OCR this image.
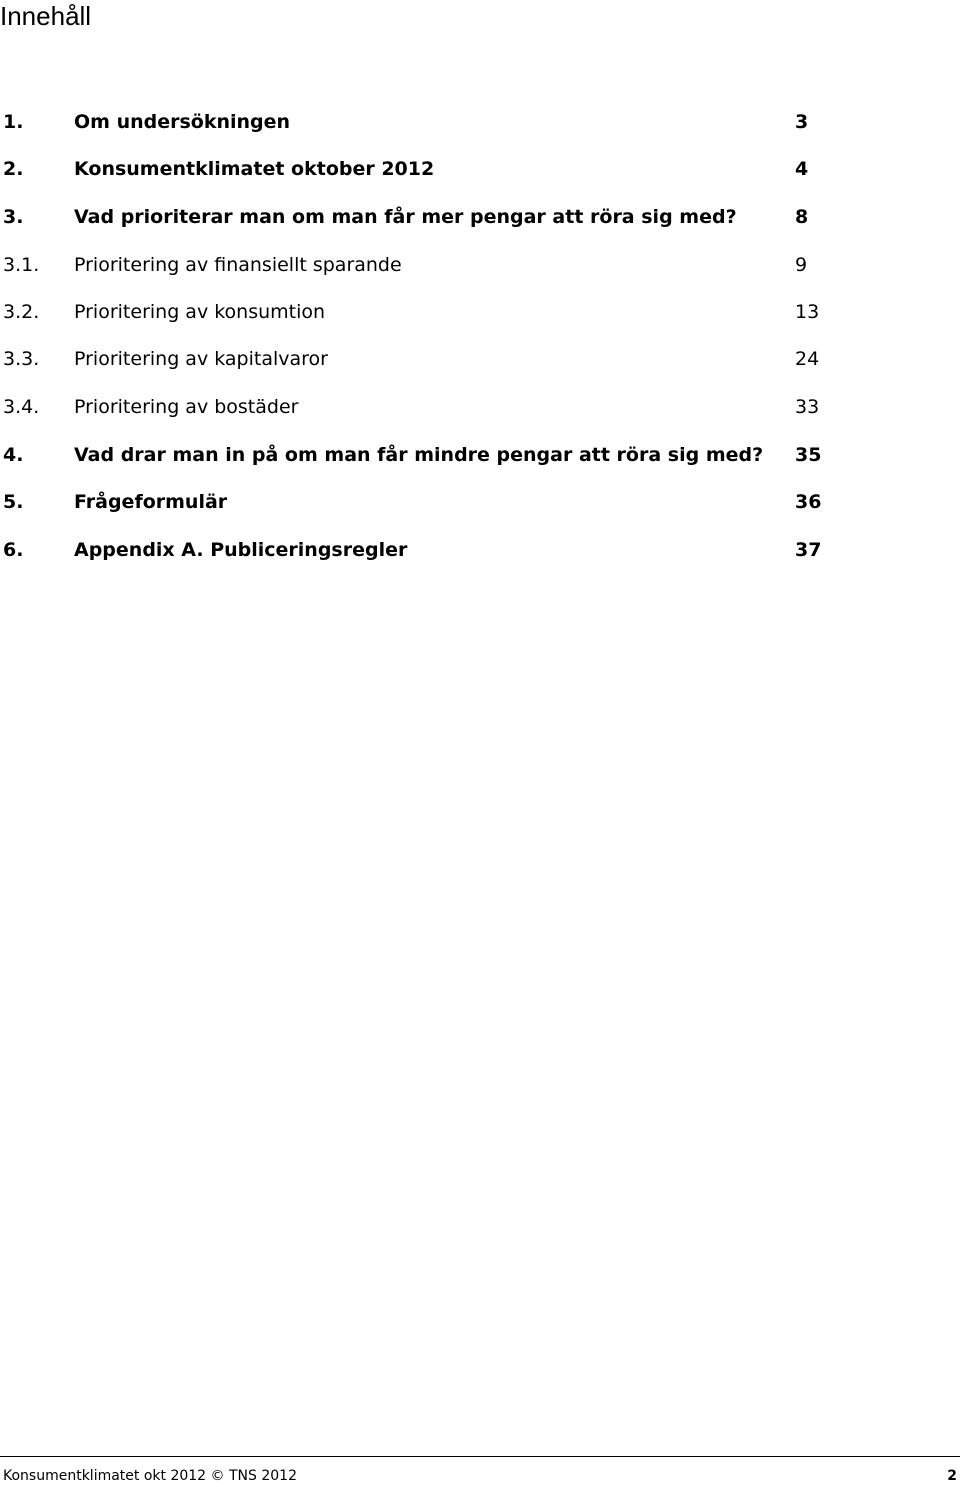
Innehåll
1.	Om undersökningen	3
2.	Konsumentklimatet oktober 2012	4
3.	Vad prioriterar man om man får mer pengar att röra sig med?	8
3.1. Prioritering av finansiellt sparande	9
3.2. Prioritering av konsumtion	13
3.3. Prioritering av kapitalvaror	24
3.4. Prioritering av bostäder	33
4.	Vad drar man in på om man får mindre pengar att röra sig med? 35
5.	Frågeformulär	36
6.	Appendix A. Publiceringsregler	37
Konsumentklimatet okt 2012 © TNS 2012	2
